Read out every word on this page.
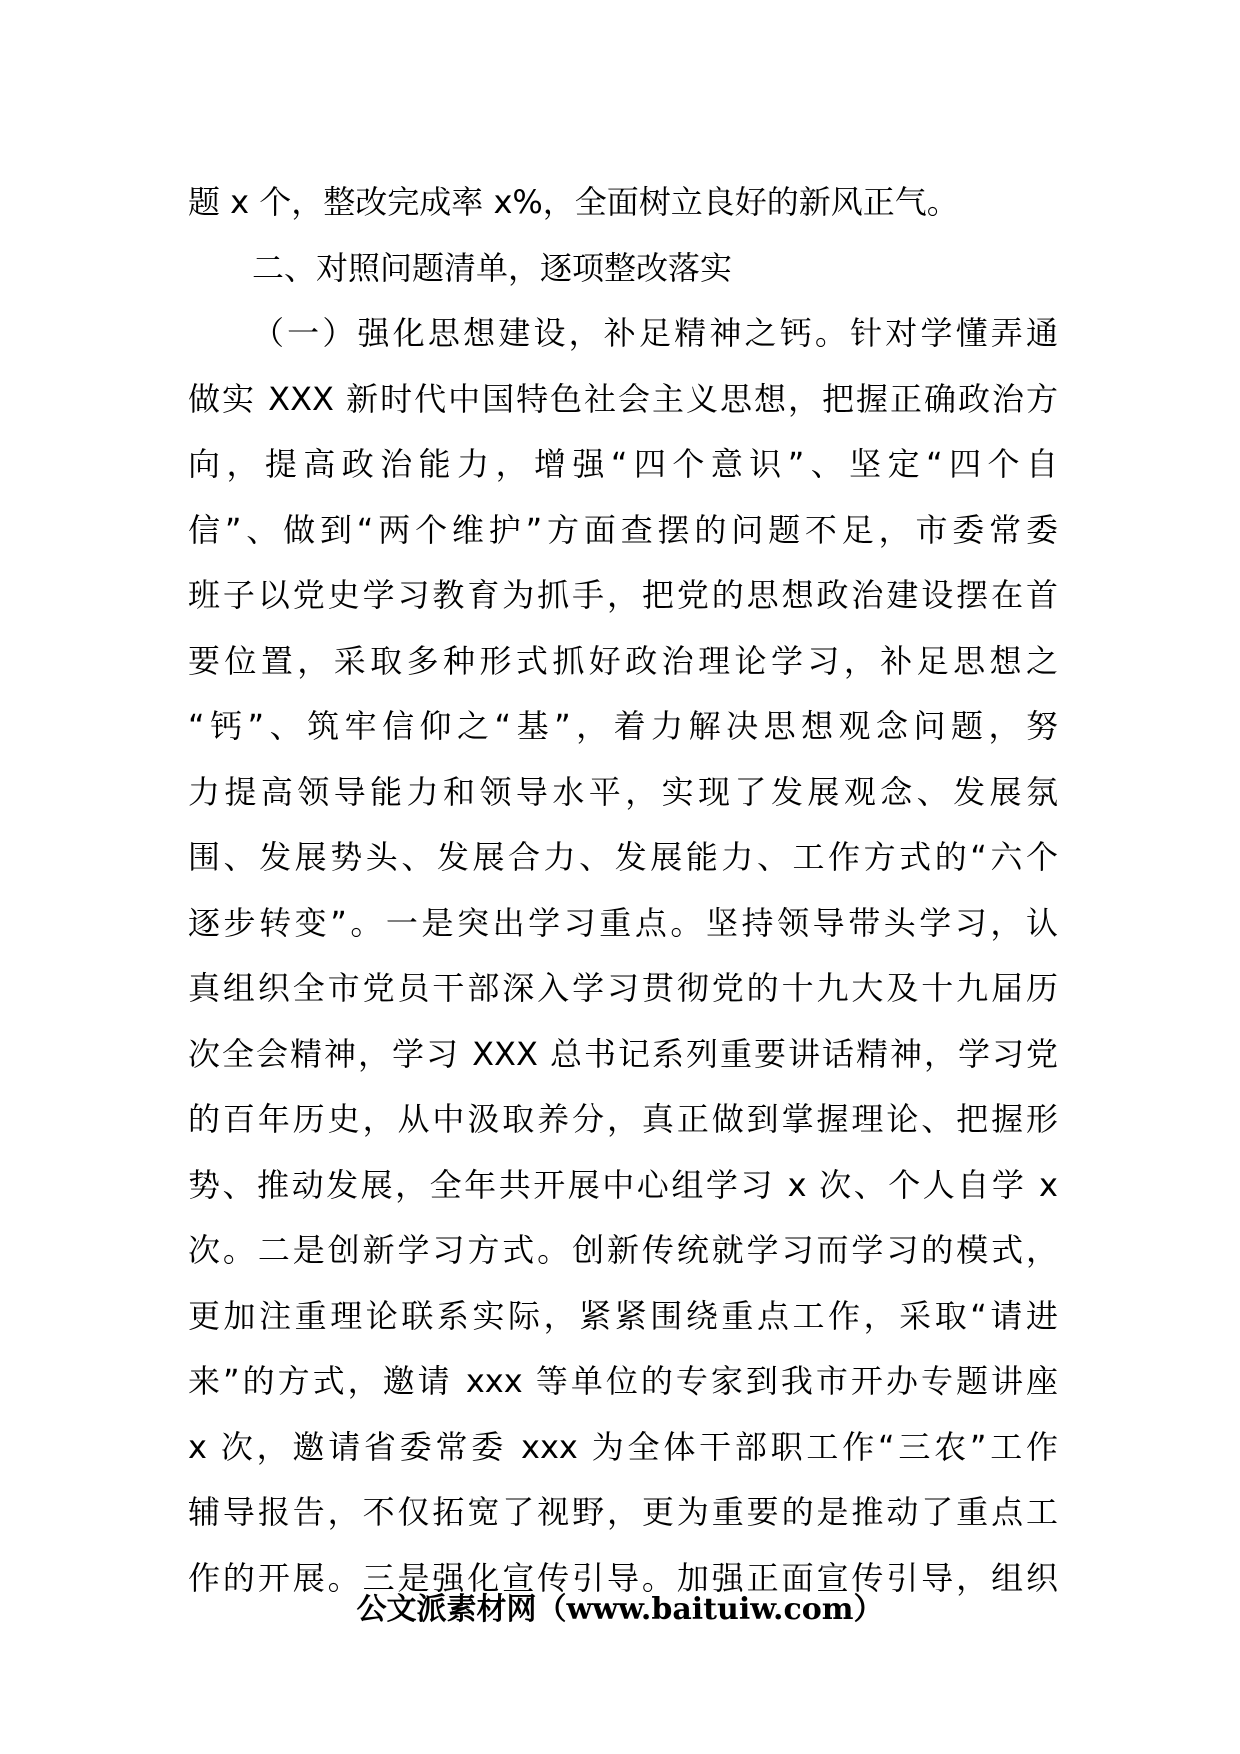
题 x 个，整改完成率 x%，全面树立良好的新风正气。
二、对照问题清单，逐项整改落实
（一）强化思想建设，补足精神之钙。针对学懂弄通
做实 XXX 新时代中国特色社会主义思想，把握正确政治方
向，提高政治能力，增强“四个意识”、坚定“四个自
信”、做到“两个维护”方面查摆的问题不足，市委常委
班子以党史学习教育为抓手，把党的思想政治建设摆在首
要位置，采取多种形式抓好政治理论学习，补足思想之
“钙”、筑牢信仰之“基”，着力解决思想观念问题，努
力提高领导能力和领导水平，实现了发展观念、发展氛
围、发展势头、发展合力、发展能力、工作方式的“六个
逐步转变”。一是突出学习重点。坚持领导带头学习，认
真组织全市党员干部深入学习贯彻党的十九大及十九届历
次全会精神，学习 XXX 总书记系列重要讲话精神，学习党
的百年历史，从中汲取养分，真正做到掌握理论、把握形
势、推动发展，全年共开展中心组学习 x 次、个人自学 x
次。二是创新学习方式。创新传统就学习而学习的模式，
更加注重理论联系实际，紧紧围绕重点工作，采取“请进
来”的方式，邀请 xxx 等单位的专家到我市开办专题讲座
x 次，邀请省委常委 xxx 为全体干部职工作“三农”工作
辅导报告，不仅拓宽了视野，更为重要的是推动了重点工
作的开展。三是强化宣传引导。加强正面宣传引导，组织
公文派素材网（www.baituiw.com）
